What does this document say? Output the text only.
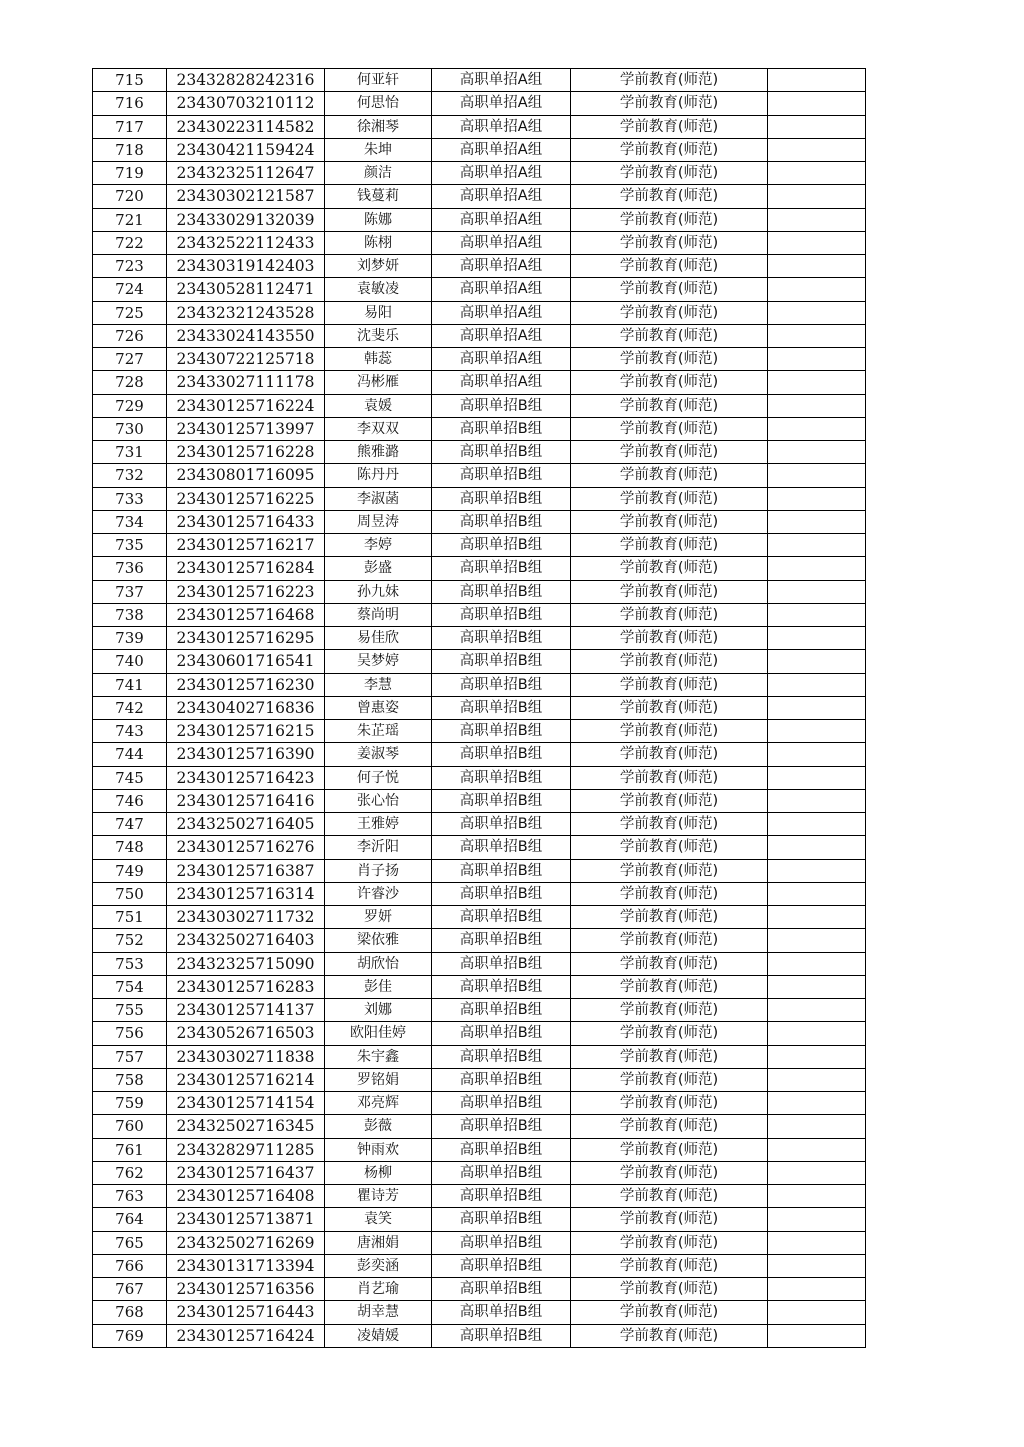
715	23432828242316	何亚轩	高职单招A组	学前教育(师范)	
716	23430703210112	何思怡	高职单招A组	学前教育(师范)	
717	23430223114582	徐湘琴	高职单招A组	学前教育(师范)	
718	23430421159424	朱坤	高职单招A组	学前教育(师范)	
719	23432325112647	颜洁	高职单招A组	学前教育(师范)	
720	23430302121587	钱蔓莉	高职单招A组	学前教育(师范)	
721	23433029132039	陈娜	高职单招A组	学前教育(师范)	
722	23432522112433	陈栩	高职单招A组	学前教育(师范)	
723	23430319142403	刘梦妍	高职单招A组	学前教育(师范)	
724	23430528112471	袁敏凌	高职单招A组	学前教育(师范)	
725	23432321243528	易阳	高职单招A组	学前教育(师范)	
726	23433024143550	沈斐乐	高职单招A组	学前教育(师范)	
727	23430722125718	韩蕊	高职单招A组	学前教育(师范)	
728	23433027111178	冯彬雁	高职单招A组	学前教育(师范)	
729	23430125716224	袁媛	高职单招B组	学前教育(师范)	
730	23430125713997	李双双	高职单招B组	学前教育(师范)	
731	23430125716228	熊雅潞	高职单招B组	学前教育(师范)	
732	23430801716095	陈丹丹	高职单招B组	学前教育(师范)	
733	23430125716225	李淑菡	高职单招B组	学前教育(师范)	
734	23430125716433	周昱涛	高职单招B组	学前教育(师范)	
735	23430125716217	李婷	高职单招B组	学前教育(师范)	
736	23430125716284	彭盛	高职单招B组	学前教育(师范)	
737	23430125716223	孙九妹	高职单招B组	学前教育(师范)	
738	23430125716468	蔡尚明	高职单招B组	学前教育(师范)	
739	23430125716295	易佳欣	高职单招B组	学前教育(师范)	
740	23430601716541	吴梦婷	高职单招B组	学前教育(师范)	
741	23430125716230	李慧	高职单招B组	学前教育(师范)	
742	23430402716836	曾惠姿	高职单招B组	学前教育(师范)	
743	23430125716215	朱芷瑶	高职单招B组	学前教育(师范)	
744	23430125716390	姜淑琴	高职单招B组	学前教育(师范)	
745	23430125716423	何子悦	高职单招B组	学前教育(师范)	
746	23430125716416	张心怡	高职单招B组	学前教育(师范)	
747	23432502716405	王雅婷	高职单招B组	学前教育(师范)	
748	23430125716276	李沂阳	高职单招B组	学前教育(师范)	
749	23430125716387	肖子扬	高职单招B组	学前教育(师范)	
750	23430125716314	许睿沙	高职单招B组	学前教育(师范)	
751	23430302711732	罗妍	高职单招B组	学前教育(师范)	
752	23432502716403	梁依雅	高职单招B组	学前教育(师范)	
753	23432325715090	胡欣怡	高职单招B组	学前教育(师范)	
754	23430125716283	彭佳	高职单招B组	学前教育(师范)	
755	23430125714137	刘娜	高职单招B组	学前教育(师范)	
756	23430526716503	欧阳佳婷	高职单招B组	学前教育(师范)	
757	23430302711838	朱宇鑫	高职单招B组	学前教育(师范)	
758	23430125716214	罗铭娟	高职单招B组	学前教育(师范)	
759	23430125714154	邓亮辉	高职单招B组	学前教育(师范)	
760	23432502716345	彭薇	高职单招B组	学前教育(师范)	
761	23432829711285	钟雨欢	高职单招B组	学前教育(师范)	
762	23430125716437	杨柳	高职单招B组	学前教育(师范)	
763	23430125716408	瞿诗芳	高职单招B组	学前教育(师范)	
764	23430125713871	袁笑	高职单招B组	学前教育(师范)	
765	23432502716269	唐湘娟	高职单招B组	学前教育(师范)	
766	23430131713394	彭奕涵	高职单招B组	学前教育(师范)	
767	23430125716356	肖艺瑜	高职单招B组	学前教育(师范)	
768	23430125716443	胡幸慧	高职单招B组	学前教育(师范)	
769	23430125716424	凌婧媛	高职单招B组	学前教育(师范)	
